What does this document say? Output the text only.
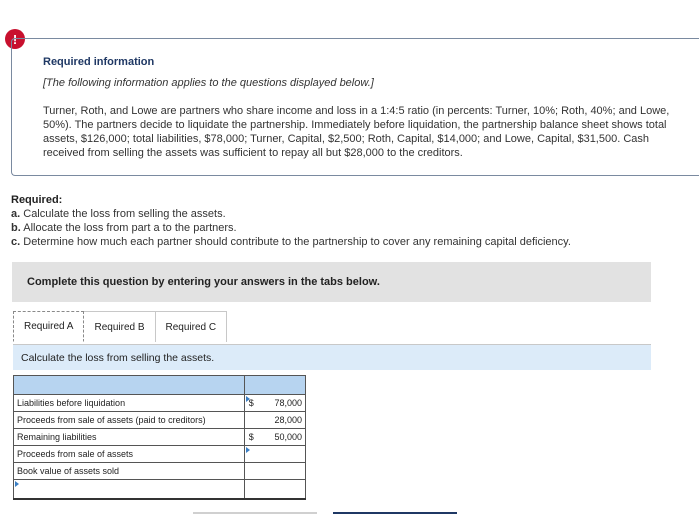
!
Required information
[The following information applies to the questions displayed below.]
Turner, Roth, and Lowe are partners who share income and loss in a 1:4:5 ratio (in percents: Turner, 10%; Roth, 40%; and Lowe, 50%). The partners decide to liquidate the partnership. Immediately before liquidation, the partnership balance sheet shows total assets, $126,000; total liabilities, $78,000; Turner, Capital, $2,500; Roth, Capital, $14,000; and Lowe, Capital, $31,500. Cash received from selling the assets was sufficient to repay all but $28,000 to the creditors.
Required:
a. Calculate the loss from selling the assets.
b. Allocate the loss from part a to the partners.
c. Determine how much each partner should contribute to the partnership to cover any remaining capital deficiency.
Complete this question by entering your answers in the tabs below.
Required A	Required B	Required C
Calculate the loss from selling the assets.

Liabilities before liquidation	$	78,000
Proceeds from sale of assets (paid to creditors)		28,000
Remaining liabilities	$	50,000
Proceeds from sale of assets		
Book value of assets sold		
